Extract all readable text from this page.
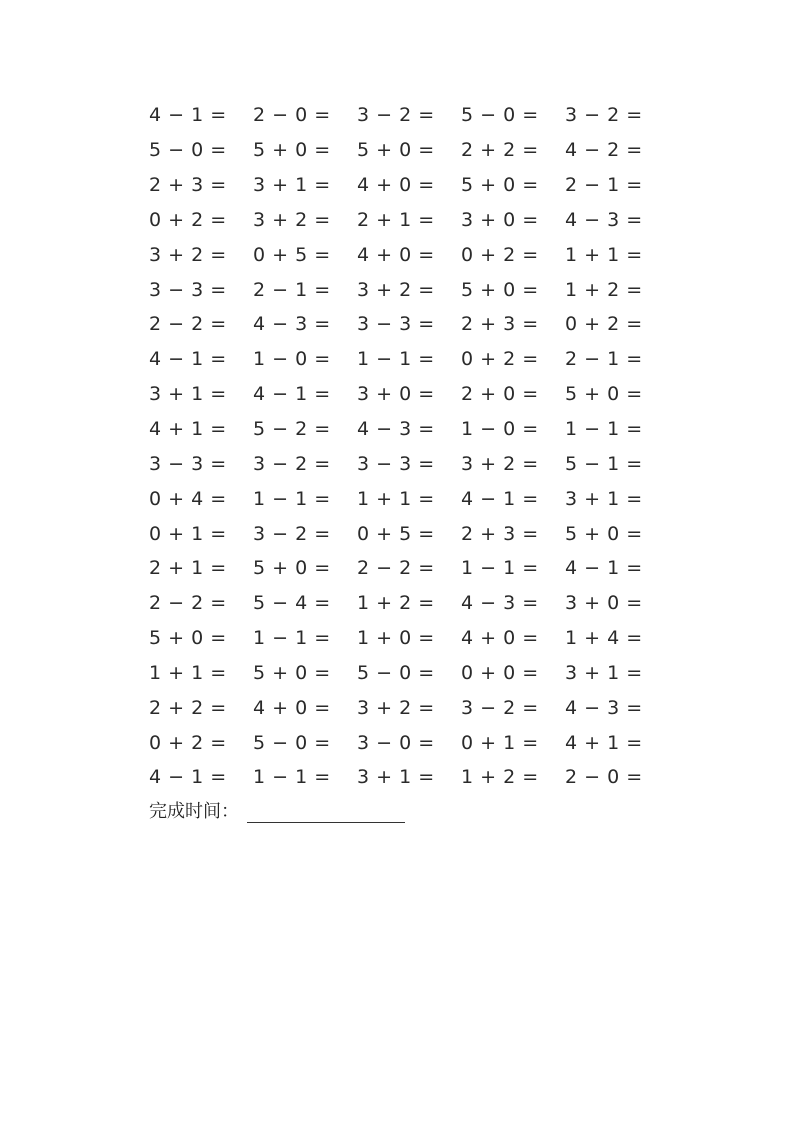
4 − 1 =	2 − 0 =	3 − 2 =	5 − 0 =	3 − 2 =
5 − 0 =	5 + 0 =	5 + 0 =	2 + 2 =	4 − 2 =
2 + 3 =	3 + 1 =	4 + 0 =	5 + 0 =	2 − 1 =
0 + 2 =	3 + 2 =	2 + 1 =	3 + 0 =	4 − 3 =
3 + 2 =	0 + 5 =	4 + 0 =	0 + 2 =	1 + 1 =
3 − 3 =	2 − 1 =	3 + 2 =	5 + 0 =	1 + 2 =
2 − 2 =	4 − 3 =	3 − 3 =	2 + 3 =	0 + 2 =
4 − 1 =	1 − 0 =	1 − 1 =	0 + 2 =	2 − 1 =
3 + 1 =	4 − 1 =	3 + 0 =	2 + 0 =	5 + 0 =
4 + 1 =	5 − 2 =	4 − 3 =	1 − 0 =	1 − 1 =
3 − 3 =	3 − 2 =	3 − 3 =	3 + 2 =	5 − 1 =
0 + 4 =	1 − 1 =	1 + 1 =	4 − 1 =	3 + 1 =
0 + 1 =	3 − 2 =	0 + 5 =	2 + 3 =	5 + 0 =
2 + 1 =	5 + 0 =	2 − 2 =	1 − 1 =	4 − 1 =
2 − 2 =	5 − 4 =	1 + 2 =	4 − 3 =	3 + 0 =
5 + 0 =	1 − 1 =	1 + 0 =	4 + 0 =	1 + 4 =
1 + 1 =	5 + 0 =	5 − 0 =	0 + 0 =	3 + 1 =
2 + 2 =	4 + 0 =	3 + 2 =	3 − 2 =	4 − 3 =
0 + 2 =	5 − 0 =	3 − 0 =	0 + 1 =	4 + 1 =
4 − 1 =	1 − 1 =	3 + 1 =	1 + 2 =	2 − 0 =
完成时间：
